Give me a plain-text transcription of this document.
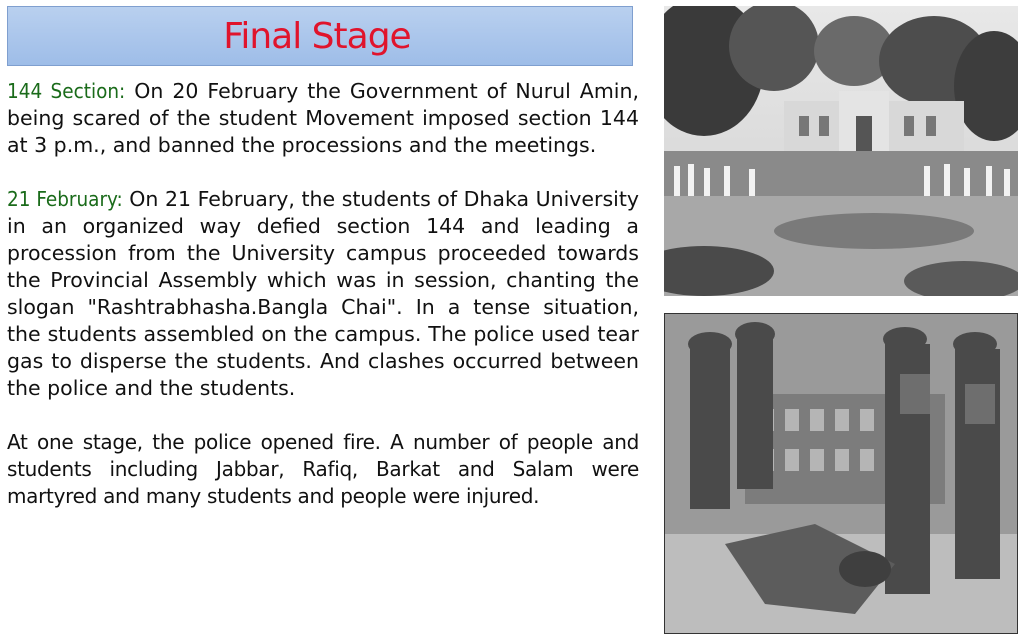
Final Stage

144 Section: On 20 February the Government of Nurul Amin, being scared of the student Movement imposed section 144 at 3 p.m., and banned the processions and the meetings.

21 February: On 21 February, the students of Dhaka University in an organized way defied section 144 and leading a procession from the University campus proceeded towards the Provincial Assembly which was in session, chanting the slogan "Rashtrabhasha.Bangla Chai". In a tense situation, the students assembled on the campus. The police used tear gas to disperse the students. And clashes occurred between the police and the students.

At one stage, the police opened fire. A number of people and students including Jabbar, Rafiq, Barkat and Salam were martyred and many students and people were injured.
